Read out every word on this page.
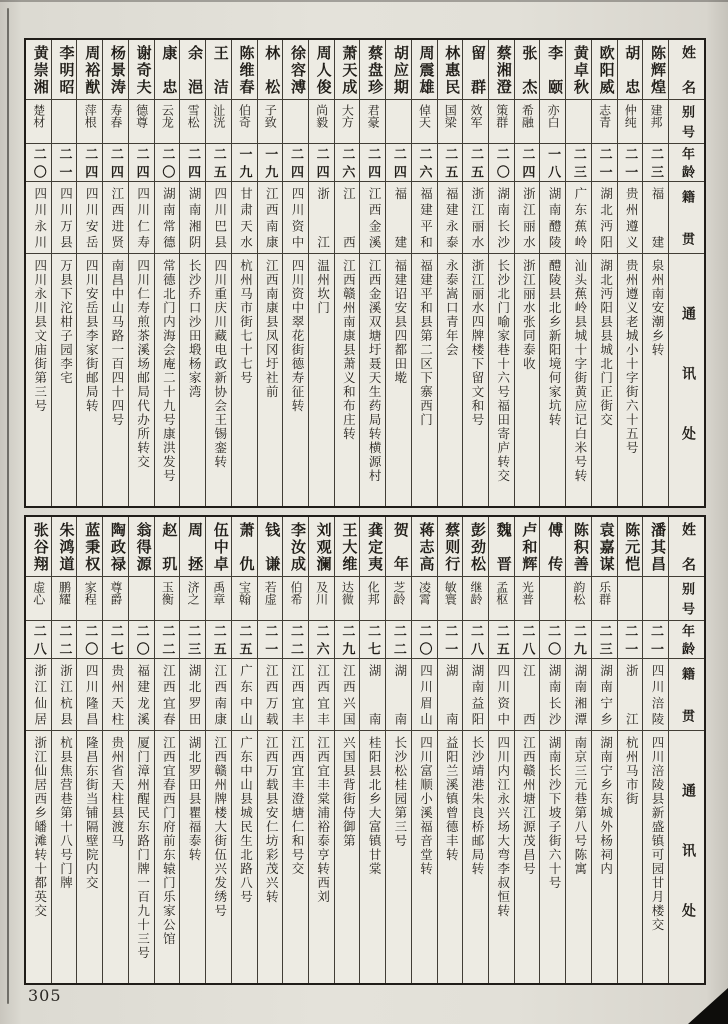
姓名
别号
年龄
籍贯
通讯处
陈辉煌
建邦
二三
福建
泉州南安潮乡转
胡忠
仲纯
二一
贵州遵义
贵州遵义老城小十字街六十五号
欧阳威
志青
二一
湖北沔阳
湖北沔阳县县城北门正街交
黄卓秋
二三
广东蕉岭
汕头蕉岭县城十字街黄应记白米号转
李颐
亦白
一八
湖南醴陵
醴陵县北乡新阳境何家坑转
张杰
希融
二四
浙江丽水
浙江丽水张同泰收
蔡湘澄
策群
二〇
湖南长沙
长沙北门喻家巷十六号福田寄庐转交
留群
效军
二五
浙江丽水
浙江丽水四牌楼下留文和号
林惠民
国梁
二五
福建永泰
永泰嵩口青年会
周震雄
倬天
二六
福建平和
福建平和县第二区下寨西门
胡应期
二四
福建
福建诏安县四都田墘
蔡盘珍
君豪
二四
江西金溪
江西金溪双塘圩聂天生药局转横源村
萧天成
大方
二六
江西
江西赣州南康县萧义和布庄转
周人俊
尚毅
二四
浙江
温州坎门
徐容溥
二四
四川资中
四川资中翠花街德寿征转
林松
子致
一九
江西南康
江西南康县凤冈圩社前
陈维春
伯奇
一九
甘肃天水
杭州马市街七十七号
王洁
沚洸
二五
四川巴县
四川重庆川藏电政新协会王锡銮转
余浥
雪松
二四
湖南湘阴
长沙乔口沙田塅杨家湾
康忠
云龙
二〇
湖南常德
常德北门内海会庵二十九号康洪发号
谢奇夫
德尊
二四
四川仁寿
四川仁寿煎茶溪场邮局代办所转交
杨景涛
寿春
二四
江西进贤
南昌中山马路一百四十四号
周裕猷
萍根
二四
四川安岳
四川安岳县李家街邮局转
李明昭
二一
四川万县
万县下沱柑子园李宅
黄崇湘
楚材
二〇
四川永川
四川永川县文庙街第三号
姓名
别号
年龄
籍贯
通讯处
潘其昌
二一
四川涪陵
四川涪陵县新盛镇可园甘月楼交
陈元恺
二一
浙江
杭州马市街
袁嘉谋
乐群
二三
湖南宁乡
湖南宁乡东城外杨祠内
陈积善
韵松
二九
湖南湘潭
南京三元巷第八号陈寓
傅传
二〇
湖南长沙
湖南长沙下坡子街六十号
卢和辉
光普
二八
江西
江西赣州塘江源茂昌号
魏晋
孟枢
二五
四川资中
四川内江永兴场大弯李叔恒转
彭劲松
继龄
二八
湖南益阳
长沙靖港朱良桥邮局转
蔡则行
敏寰
二一
湖南
益阳兰溪镇曾德丰转
蒋志高
凌霄
二〇
四川眉山
四川富顺小溪福音堂转
贺年
芝龄
二二
湖南
长沙松桂园第三号
龚定夷
化邦
二七
湖南
桂阳县北乡大富镇甘棠
王大维
达微
二九
江西兴国
兴国县背街侍御第
刘观澜
及川
二六
江西宜丰
江西宜丰棠浦裕泰亨转西刘
李汝成
伯希
二二
江西宜丰
江西宜丰澄塘仁和号交
钱谦
若虚
二一
江西万载
江西万载县安仁坊彩茂兴转
萧仇
宝翰
二五
广东中山
广东中山县城民生北路八号
伍中卓
禹章
二五
江西南康
江西赣州牌楼大街伍兴发绣号
周拯
济之
二三
湖北罗田
湖北罗田县瞿福泰转
赵玑
玉衡
二二
江西宜春
江西宜春西门府前东辕门乐家公馆
翁得源
二〇
福建龙溪
厦门漳州醒民东路门牌一百九十三号
陶政禄
尊爵
二七
贵州天柱
贵州省天柱县渡马
蓝秉权
家程
二〇
四川隆昌
隆昌东街当铺隔壁院内交
朱鸿道
鹏耀
二二
浙江杭县
杭县焦营巷第十八号门牌
张谷翔
虚心
二八
浙江仙居
浙江仙居西乡皤滩转十都英交
305
